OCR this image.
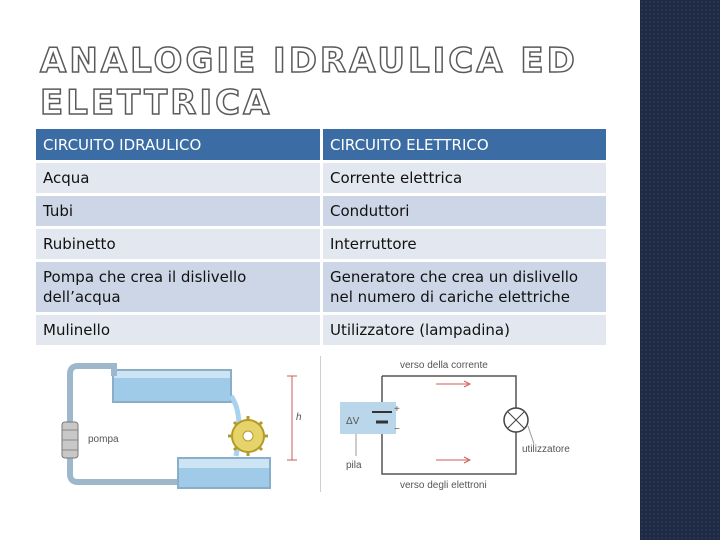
ANALOGIE IDRAULICA ED ELETTRICA
CIRCUITO IDRAULICO	CIRCUITO ELETTRICO
Acqua	Corrente elettrica
Tubi	Conduttori
Rubinetto	Interruttore
Pompa che crea il dislivello dell’acqua	Generatore che crea un dislivello nel numero di cariche elettriche
Mulinello	Utilizzatore (lampadina)
pompa
h	ΔV
+
−
pila
utilizzatore
verso della corrente
verso degli elettroni
